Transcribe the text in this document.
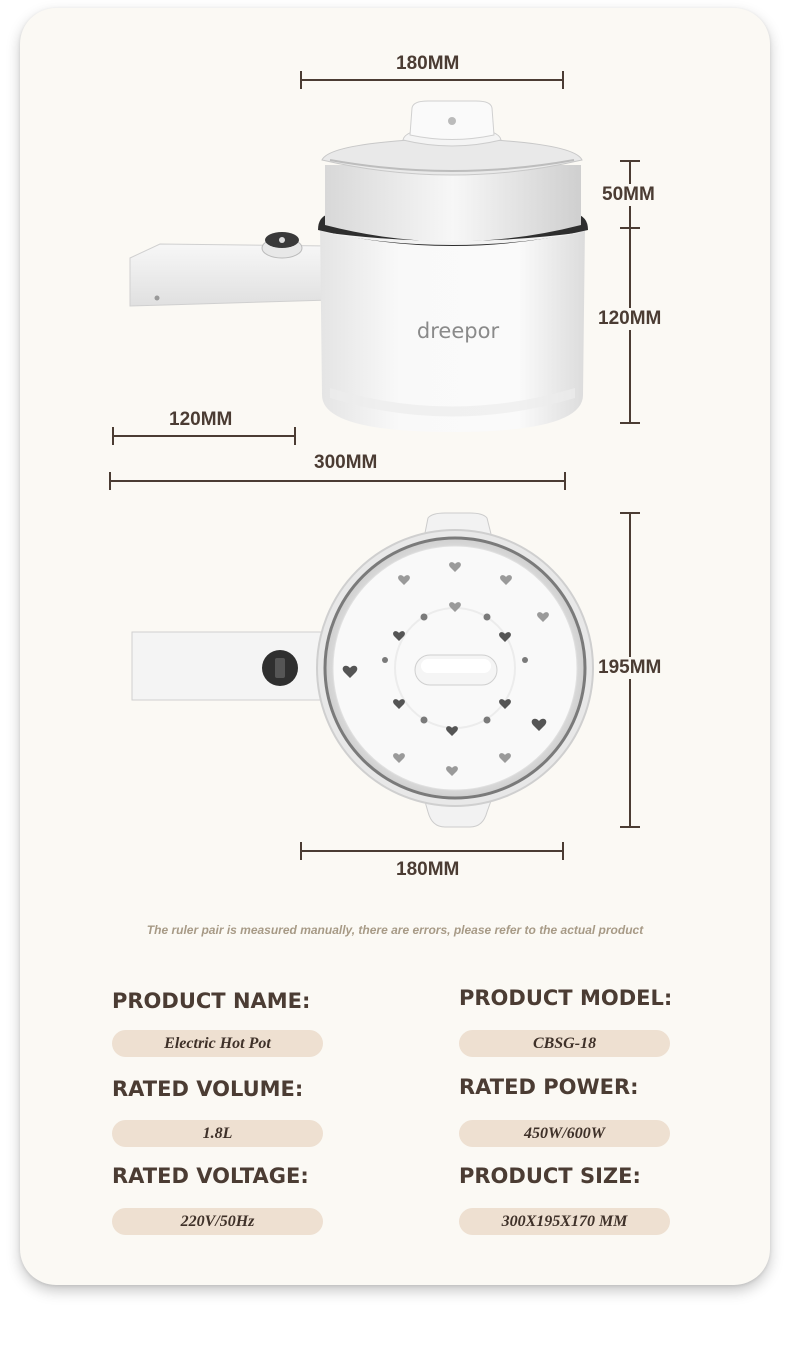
dreepor
180MM
50MM
120MM
120MM
300MM
195MM
180MM
The ruler pair is measured manually, there are errors, please refer to the actual product
PRODUCT NAME:
Electric Hot Pot
PRODUCT MODEL:
CBSG-18
RATED VOLUME:
1.8L
RATED POWER:
450W/600W
RATED VOLTAGE:
220V/50Hz
PRODUCT SIZE:
300X195X170 MM
